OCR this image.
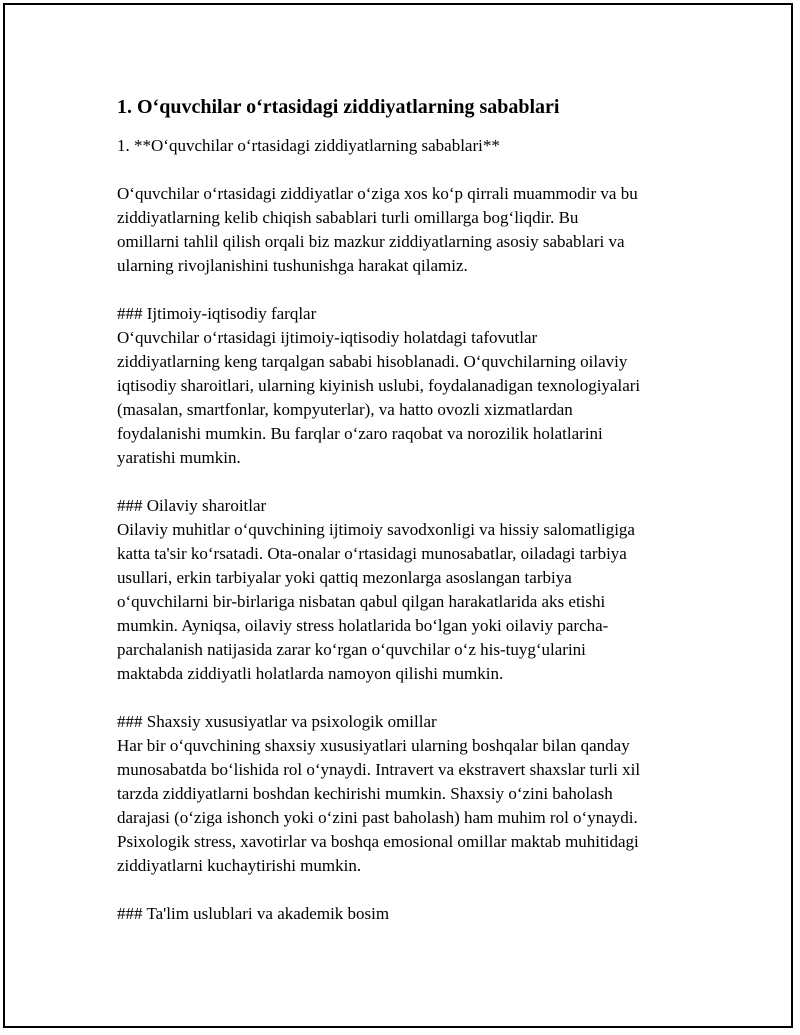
1. O‘quvchilar o‘rtasidagi ziddiyatlarning sabablari

1. **O‘quvchilar o‘rtasidagi ziddiyatlarning sabablari**

O‘quvchilar o‘rtasidagi ziddiyatlar o‘ziga xos ko‘p qirrali muammodir va bu
ziddiyatlarning kelib chiqish sabablari turli omillarga bog‘liqdir. Bu
omillarni tahlil qilish orqali biz mazkur ziddiyatlarning asosiy sabablari va
ularning rivojlanishini tushunishga harakat qilamiz.
### Ijtimoiy-iqtisodiy farqlar
O‘quvchilar o‘rtasidagi ijtimoiy-iqtisodiy holatdagi tafovutlar
ziddiyatlarning keng tarqalgan sababi hisoblanadi. O‘quvchilarning oilaviy
iqtisodiy sharoitlari, ularning kiyinish uslubi, foydalanadigan texnologiyalari
(masalan, smartfonlar, kompyuterlar), va hatto ovozli xizmatlardan
foydalanishi mumkin. Bu farqlar o‘zaro raqobat va norozilik holatlarini
yaratishi mumkin.
### Oilaviy sharoitlar
Oilaviy muhitlar o‘quvchining ijtimoiy savodxonligi va hissiy salomatligiga
katta ta'sir ko‘rsatadi. Ota-onalar o‘rtasidagi munosabatlar, oiladagi tarbiya
usullari, erkin tarbiyalar yoki qattiq mezonlarga asoslangan tarbiya
o‘quvchilarni bir-birlariga nisbatan qabul qilgan harakatlarida aks etishi
mumkin. Ayniqsa, oilaviy stress holatlarida bo‘lgan yoki oilaviy parcha-
parchalanish natijasida zarar ko‘rgan o‘quvchilar o‘z his-tuyg‘ularini
maktabda ziddiyatli holatlarda namoyon qilishi mumkin.
### Shaxsiy xususiyatlar va psixologik omillar
Har bir o‘quvchining shaxsiy xususiyatlari ularning boshqalar bilan qanday
munosabatda bo‘lishida rol o‘ynaydi. Intravert va ekstravert shaxslar turli xil
tarzda ziddiyatlarni boshdan kechirishi mumkin. Shaxsiy o‘zini baholash
darajasi (o‘ziga ishonch yoki o‘zini past baholash) ham muhim rol o‘ynaydi.
Psixologik stress, xavotirlar va boshqa emosional omillar maktab muhitidagi
ziddiyatlarni kuchaytirishi mumkin.
### Ta'lim uslublari va akademik bosim
